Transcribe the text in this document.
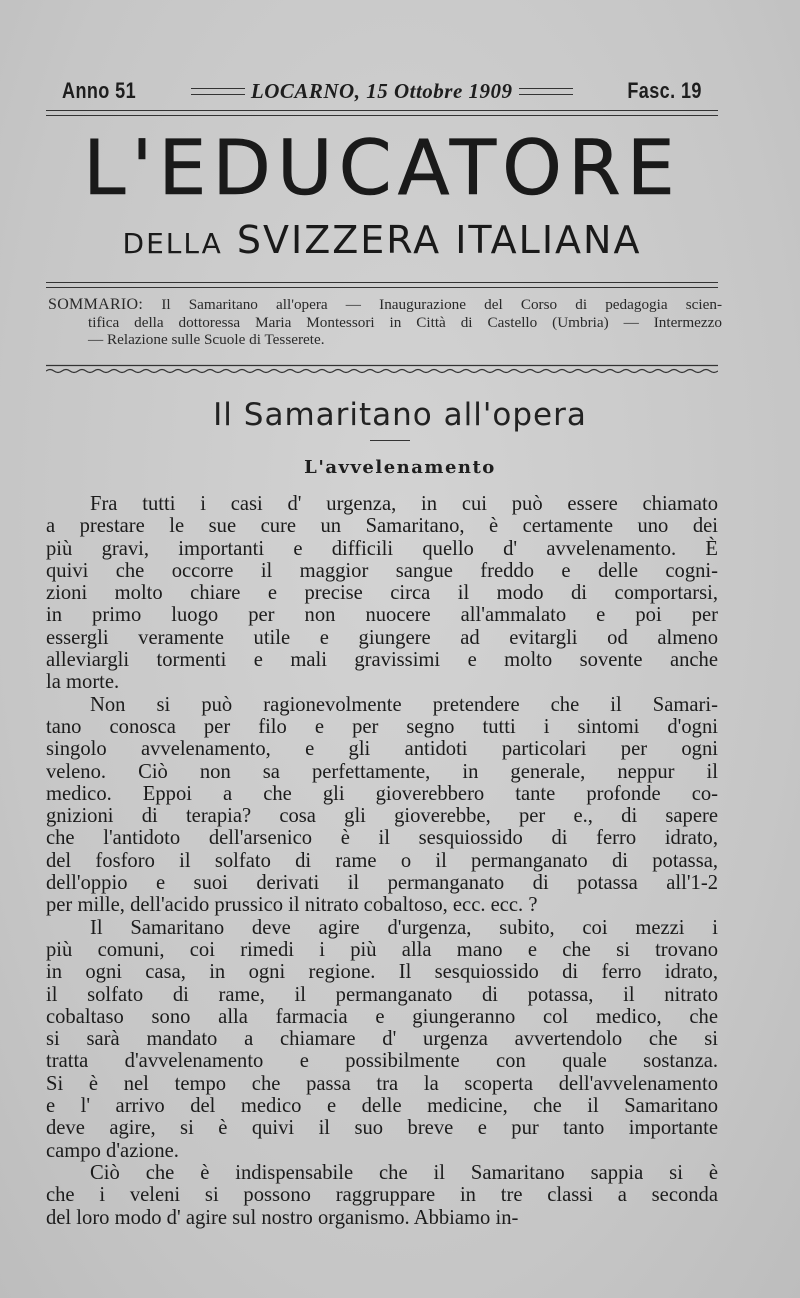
Anno 51	LOCARNO, 15 Ottobre 1909	Fasc. 19
L'EDUCATORE
DELLA SVIZZERA ITALIANA
SOMMARIO: Il Samaritano all'opera — Inaugurazione del Corso di pedagogia scien-
tifica della dottoressa Maria Montessori in Città di Castello (Umbria) — Intermezzo
— Relazione sulle Scuole di Tesserete.
Il Samaritano all'opera
L'avvelenamento
Fra tutti i casi d' urgenza, in cui può essere chiamato
a prestare le sue cure un Samaritano, è certamente uno dei
più gravi, importanti e difficili quello d' avvelenamento. È
quivi che occorre il maggior sangue freddo e delle cogni-
zioni molto chiare e precise circa il modo di comportarsi,
in primo luogo per non nuocere all'ammalato e poi per
essergli veramente utile e giungere ad evitargli od almeno
alleviargli tormenti e mali gravissimi e molto sovente anche
la morte.
Non si può ragionevolmente pretendere che il Samari-
tano conosca per filo e per segno tutti i sintomi d'ogni
singolo avvelenamento, e gli antidoti particolari per ogni
veleno. Ciò non sa perfettamente, in generale, neppur il
medico. Eppoi a che gli gioverebbero tante profonde co-
gnizioni di terapia? cosa gli gioverebbe, per e., di sapere
che l'antidoto dell'arsenico è il sesquiossido di ferro idrato,
del fosforo il solfato di rame o il permanganato di potassa,
dell'oppio e suoi derivati il permanganato di potassa all'1-2
per mille, dell'acido prussico il nitrato cobaltoso, ecc. ecc. ?
Il Samaritano deve agire d'urgenza, subito, coi mezzi i
più comuni, coi rimedi i più alla mano e che si trovano
in ogni casa, in ogni regione. Il sesquiossido di ferro idrato,
il solfato di rame, il permanganato di potassa, il nitrato
cobaltaso sono alla farmacia e giungeranno col medico, che
si sarà mandato a chiamare d' urgenza avvertendolo che si
tratta d'avvelenamento e possibilmente con quale sostanza.
Si è nel tempo che passa tra la scoperta dell'avvelenamento
e l' arrivo del medico e delle medicine, che il Samaritano
deve agire, si è quivi il suo breve e pur tanto importante
campo d'azione.
Ciò che è indispensabile che il Samaritano sappia si è
che i veleni si possono raggruppare in tre classi a seconda
del loro modo d' agire sul nostro organismo. Abbiamo in-
